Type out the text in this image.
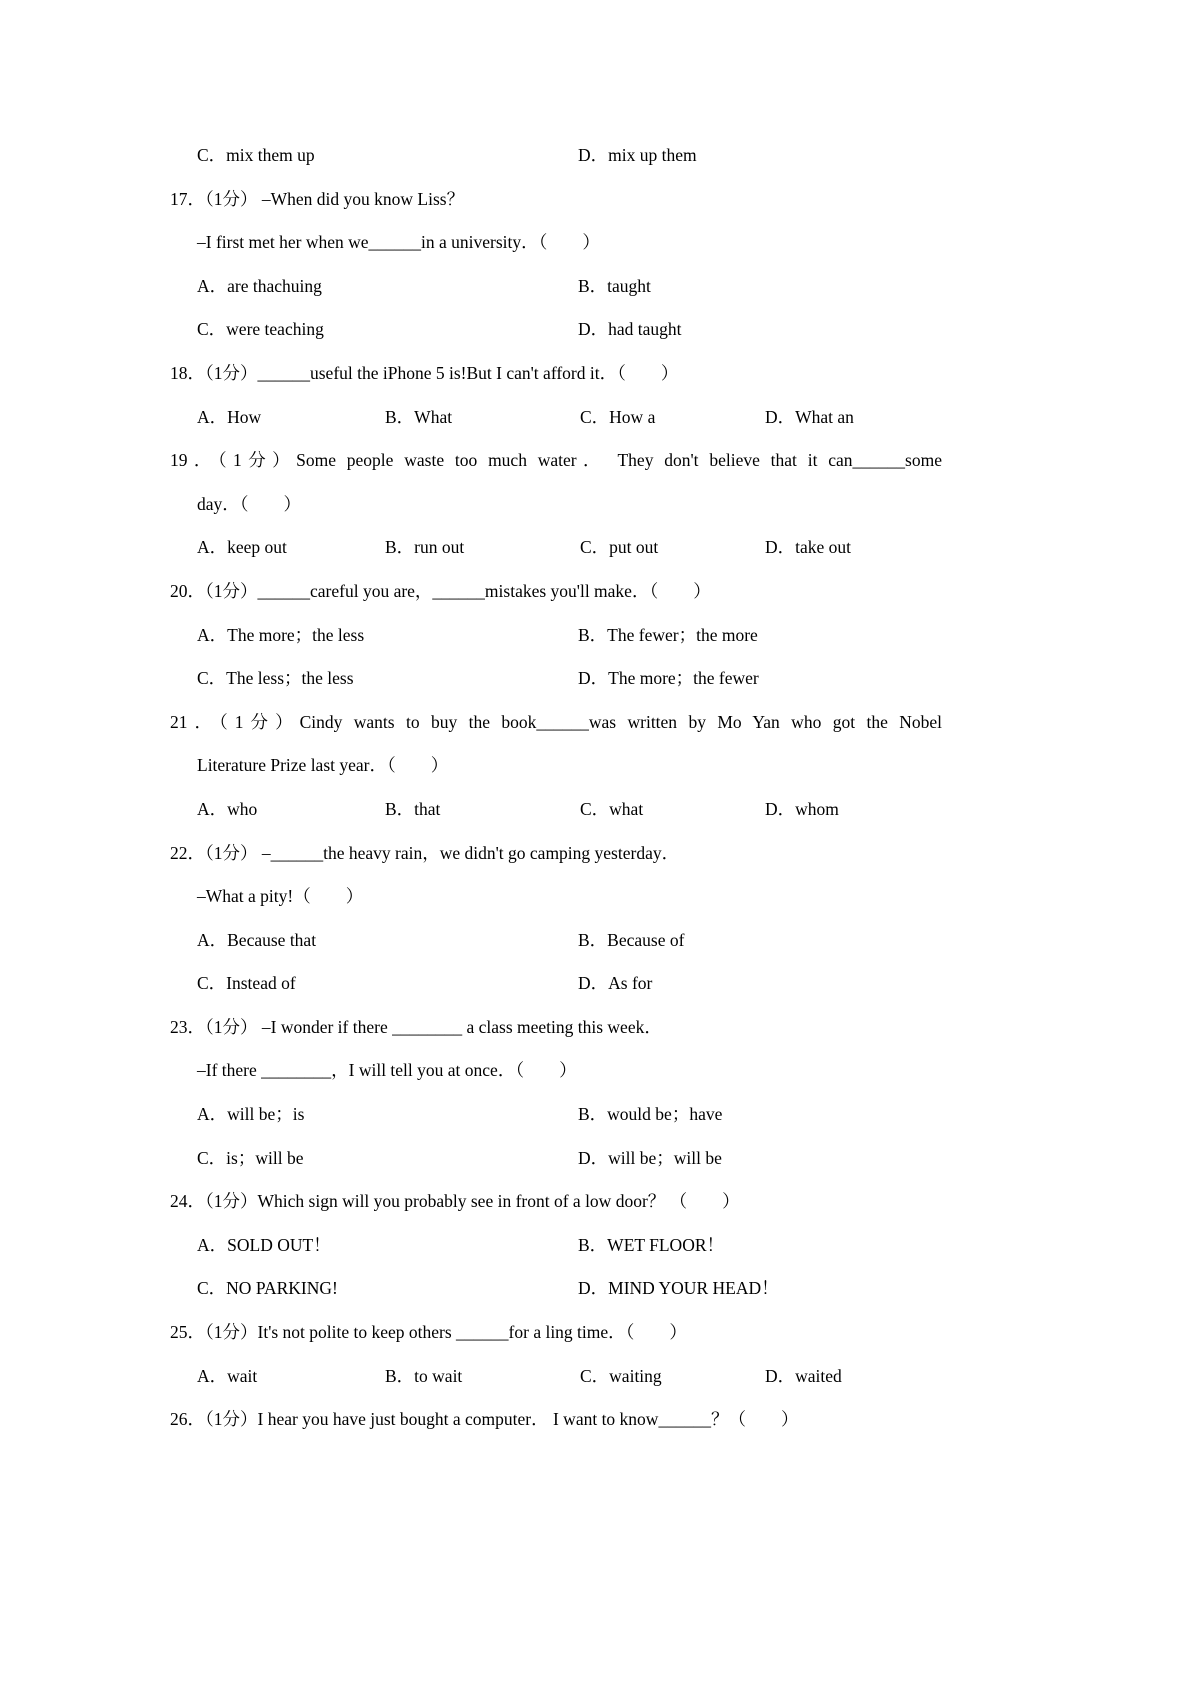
C．mix them up	D．mix up them
17．（1分） –When did you know Liss？
–I first met her when we______in a university．（　　）
A．are thachuing	B．taught
C．were teaching	D．had taught
18．（1分）______useful the iPhone 5 is!But I can't afford it．（　　）
A．How	B．What	C．How a	D．What an
19．（1分）Some people waste too much water． They don't believe that it can______some
day．（　　）
A．keep out	B．run out	C．put out	D．take out
20．（1分）______careful you are，______mistakes you'll make．（　　）
A．The more；the less	B．The fewer；the more
C．The less；the less	D．The more；the fewer
21．（1分）Cindy wants to buy the book______was written by Mo Yan who got the Nobel
Literature Prize last year．（　　）
A．who	B．that	C．what	D．whom
22．（1分） –______the heavy rain，we didn't go camping yesterday．
–What a pity!（　　）
A．Because that	B．Because of
C．Instead of	D．As for
23．（1分） –I wonder if there ________ a class meeting this week．
–If there ________，I will tell you at once．（　　）
A．will be；is	B．would be；have
C．is；will be	D．will be；will be
24．（1分）Which sign will you probably see in front of a low door？ （　　）
A．SOLD OUT！	B．WET FLOOR！
C．NO PARKING!	D．MIND YOUR HEAD！
25．（1分）It's not polite to keep others ______for a ling time．（　　）
A．wait	B．to wait	C．waiting	D．waited
26．（1分）I hear you have just bought a computer． I want to know______？（　　）
